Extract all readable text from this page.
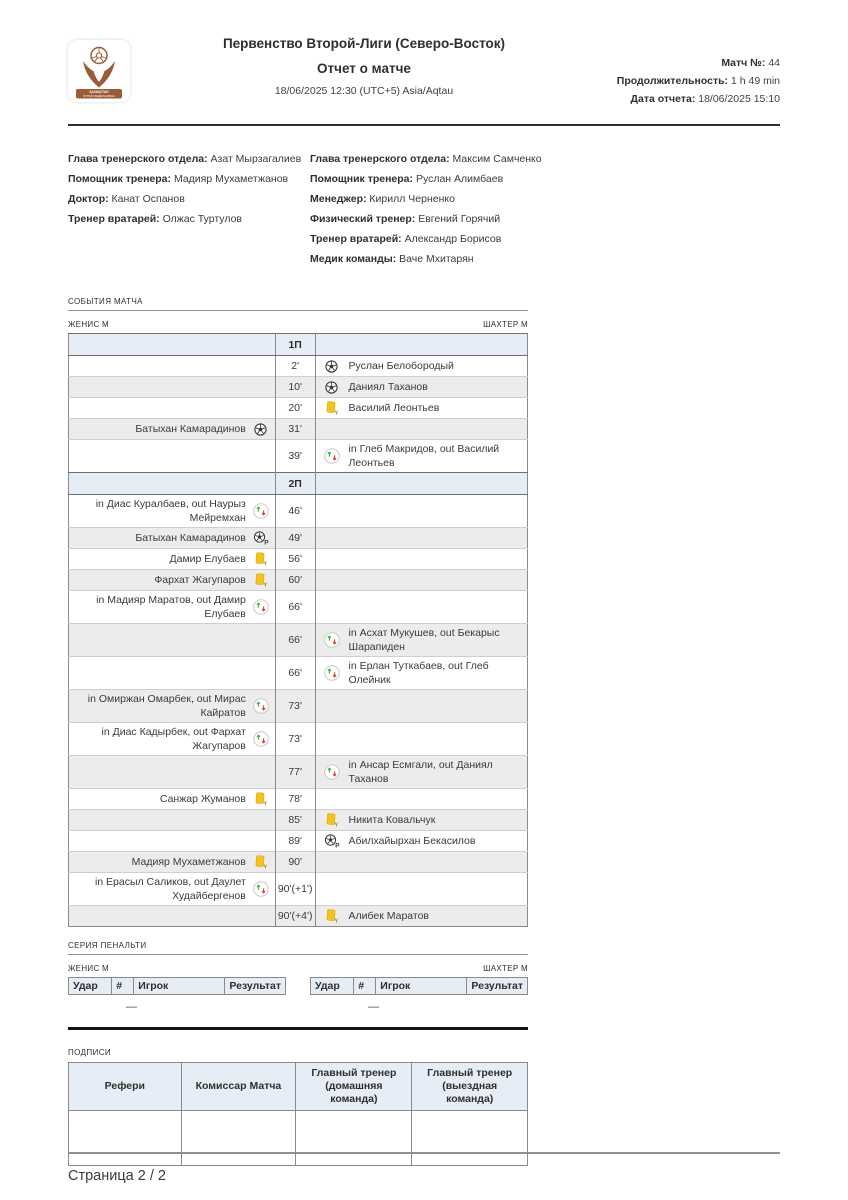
ҚАЗАҚСТАН
ФУТБОЛ ФЕДЕРАЦИЯСЫ
Первенство Второй-Лиги (Северо-Восток)
Отчет о матче
18/06/2025 12:30 (UTC+5) Asia/Aqtau
Матч №: 44
Продолжительность: 1 h 49 min
Дата отчета: 18/06/2025 15:10
Глава тренерского отдела: Азат Мырзагалиев
Помощник тренера: Мадияр Мухаметжанов
Доктор: Канат Оспанов
Тренер вратарей: Олжас Туртулов
Глава тренерского отдела: Максим Самченко
Помощник тренера: Руслан Алимбаев
Менеджер: Кирилл Черненко
Физический тренер: Евгений Горячий
Тренер вратарей: Александр Борисов
Медик команды: Ваче Мхитарян
СОБЫТИЯ МАТЧА
ЖЕНИС М	ШАХТЕР М
	1П	
	2'	Руслан Белобородый

	10'	Даниял Таханов

	20'	Y Василий Леонтьев

Батыхан Камарадинов	31'	
	39'	in Глеб Макридов, out Василий Леонтьев

	2П	

in Диас Куралбаев, out Наурыз Мейремхан	46'	

Батыхан Камарадинов P	49'	

Дамир Елубаев Y	56'	

Фархат Жагупаров Y	60'	

in Мадияр Маратов, out Дамир Елубаев	66'	
	66'	in Асхат Мукушев, out Бекарыс Шарапиден

	66'	in Ерлан Туткабаев, out Глеб Олейник

in Омиржан Омарбек, out Мирас Кайратов	73'	

in Диас Кадырбек, out Фархат Жагупаров	73'	
	77'	in Ансар Есмгали, out Даниял Таханов

Санжар Жуманов Y	78'	
	85'	Y Никита Ковальчук

	89'	P Абилхайырхан Бекасилов

Мадияр Мухаметжанов Y	90'	

in Ерасыл Саликов, out Даулет Худайбергенов	90'(+1')	
	90'(+4')	Y Алибек Маратов
СЕРИЯ ПЕНАЛЬТИ
ЖЕНИС М	ШАХТЕР М
Удар	#	Игрок	Результат
—
Удар	#	Игрок	Результат
—
ПОДПИСИ
Рефери	Комиссар Матча	Главный тренер (домашняя команда)	Главный тренер (выездная команда)

Страница 2 / 2
